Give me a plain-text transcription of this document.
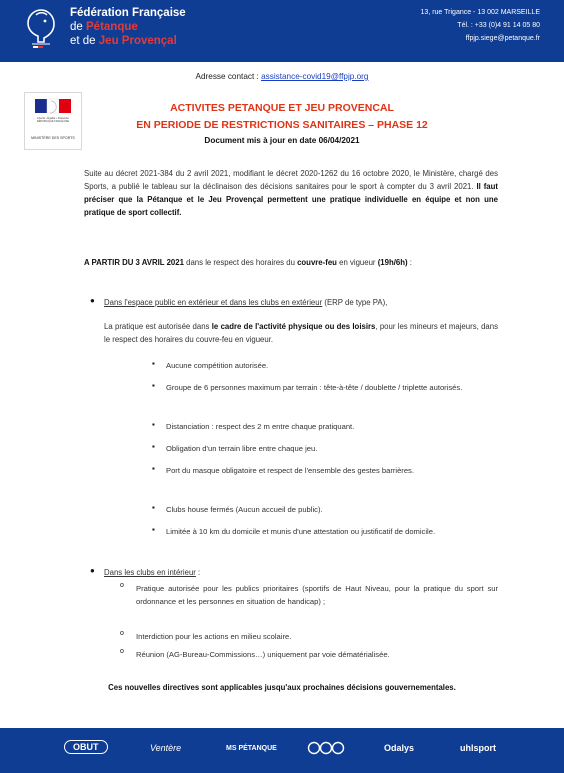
Fédération Française
de Pétanque
et de Jeu Provençal
13, rue Trigance - 13 002 MARSEILLE
Tél. : +33 (0)4 91 14 05 80
ffpjp.siege@petanque.fr
Adresse contact : assistance-covid19@ffpjp.org
Liberté • Égalité • Fraternité RÉPUBLIQUE FRANÇAISE
MINISTÈRE DES SPORTS
ACTIVITES PETANQUE ET JEU PROVENCAL
EN PERIODE DE RESTRICTIONS SANITAIRES – PHASE 12
Document mis à jour en date 06/04/2021
Suite au décret 2021-384 du 2 avril 2021, modifiant le décret 2020-1262 du 16 octobre 2020, le Ministère, chargé des Sports, a publié le tableau sur la déclinaison des décisions sanitaires pour le sport à compter du 3 avril 2021. Il faut préciser que la Pétanque et le Jeu Provençal permettent une pratique individuelle en équipe et non une pratique de sport collectif.
A PARTIR DU 3 AVRIL 2021 dans le respect des horaires du couvre-feu en vigueur (19h/6h) :
● Dans l'espace public en extérieur et dans les clubs en extérieur (ERP de type PA),
La pratique est autorisée dans le cadre de l'activité physique ou des loisirs, pour les mineurs et majeurs, dans le respect des horaires du couvre-feu en vigueur.
▪ Aucune compétition autorisée.
▪ Groupe de 6 personnes maximum par terrain : tête-à-tête / doublette / triplette autorisés.
▪ Distanciation : respect des 2 m entre chaque pratiquant.
▪ Obligation d'un terrain libre entre chaque jeu.
▪ Port du masque obligatoire et respect de l'ensemble des gestes barrières.
▪ Clubs house fermés (Aucun accueil de public).
▪ Limitée à 10 km du domicile et munis d'une attestation ou justificatif de domicile.
● Dans les clubs en intérieur :
o Pratique autorisée pour les publics prioritaires (sportifs de Haut Niveau, pour la pratique du sport sur ordonnance et les personnes en situation de handicap) ;
o Interdiction pour les actions en milieu scolaire.
o Réunion (AG-Bureau-Commissions…) uniquement par voie dématérialisée.
Ces nouvelles directives sont applicables jusqu'aux prochaines décisions gouvernementales.
OBUT	Ventère	MS PÉTANQUE	Odalys	uhlsport
